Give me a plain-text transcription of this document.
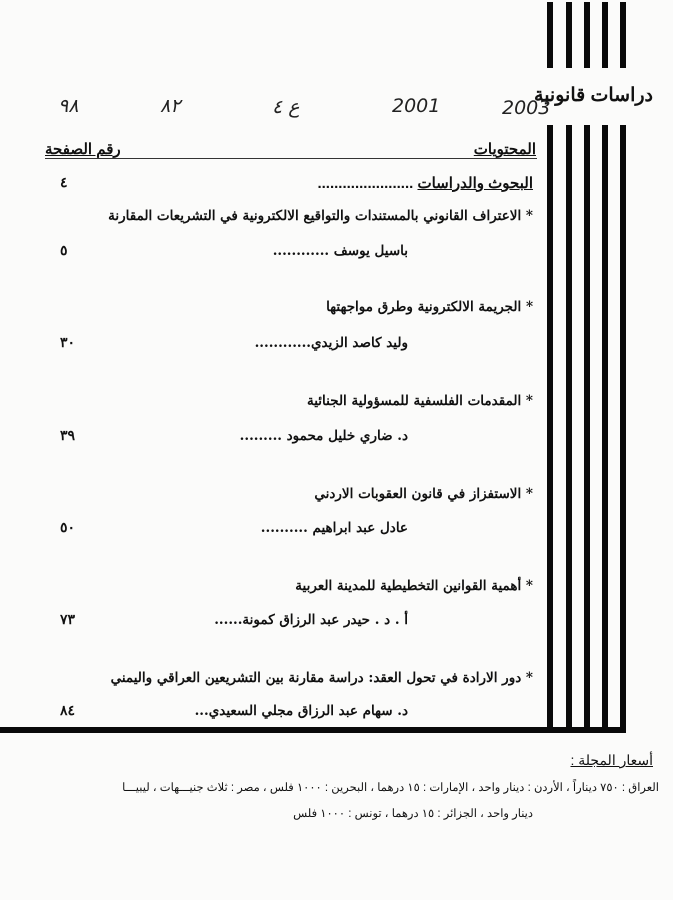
دراسات قانونية
٩٨	٨٢	ع ٤	2001	2003
المحتويات
رقم الصفحة
البحوث والدراسات .......................
٤
* الاعتراف القانوني بالمستندات والتواقيع الالكترونية في التشريعات المقارنة
باسيل يوسف ............
٥
* الجريمة الالكترونية وطرق مواجهتها
وليد كاصد الزيدي............
٣٠
* المقدمات الفلسفية للمسؤولية الجنائية
د. ضاري خليل محمود .........
٣٩
* الاستفزاز في قانون العقوبات الاردني
عادل عبد ابراهيم ..........
٥٠
* أهمية القوانين التخطيطية للمدينة العربية
أ . د . حيدر عبد الرزاق كمونة......
٧٣
* دور الارادة في تحول العقد: دراسة مقارنة بين التشريعين العراقي واليمني
د. سهام عبد الرزاق مجلي السعيدي...
٨٤
أسعار المجلة :
العراق : ٧٥٠ ديناراً ، الأردن : دينار واحد ، الإمارات : ١٥ درهما ، البحرين : ١٠٠٠ فلس ، مصر : ثلاث جنيـــهات ، ليبيـــا
دينار واحد ، الجزائر : ١٥ درهما ، تونس : ١٠٠٠ فلس
